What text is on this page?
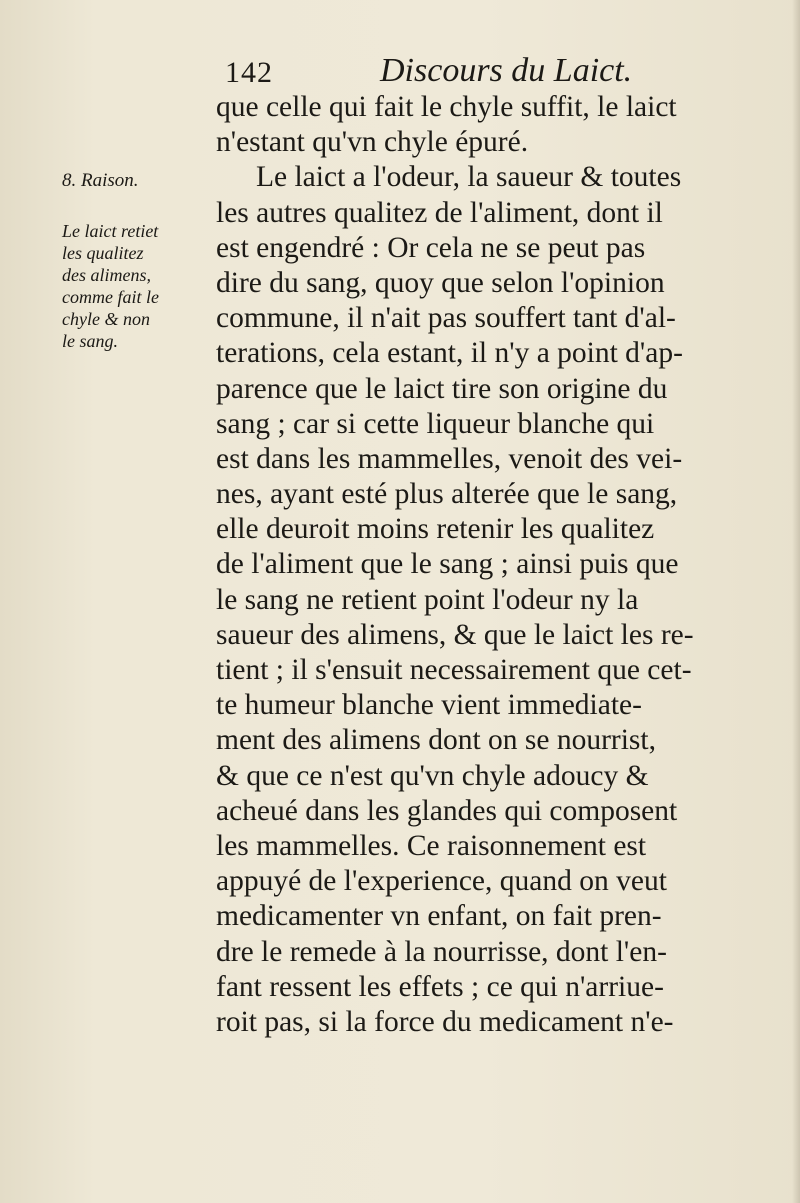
142	Discours du Laict.
8. Raison.
Le laict retiet
les qualitez
des alimens,
comme fait le
chyle & non
le sang.
que celle qui fait le chyle suffit, le laict
n'estant qu'vn chyle épuré.
Le laict a l'odeur, la saueur & toutes
les autres qualitez de l'aliment, dont il
est engendré : Or cela ne se peut pas
dire du sang, quoy que selon l'opinion
commune, il n'ait pas souffert tant d'al-
terations, cela estant, il n'y a point d'ap-
parence que le laict tire son origine du
sang ; car si cette liqueur blanche qui
est dans les mammelles, venoit des vei-
nes, ayant esté plus alterée que le sang,
elle deuroit moins retenir les qualitez
de l'aliment que le sang ; ainsi puis que
le sang ne retient point l'odeur ny la
saueur des alimens, & que le laict les re-
tient ; il s'ensuit necessairement que cet-
te humeur blanche vient immediate-
ment des alimens dont on se nourrist,
& que ce n'est qu'vn chyle adoucy &
acheué dans les glandes qui composent
les mammelles. Ce raisonnement est
appuyé de l'experience, quand on veut
medicamenter vn enfant, on fait pren-
dre le remede à la nourrisse, dont l'en-
fant ressent les effets ; ce qui n'arriue-
roit pas, si la force du medicament n'e-
